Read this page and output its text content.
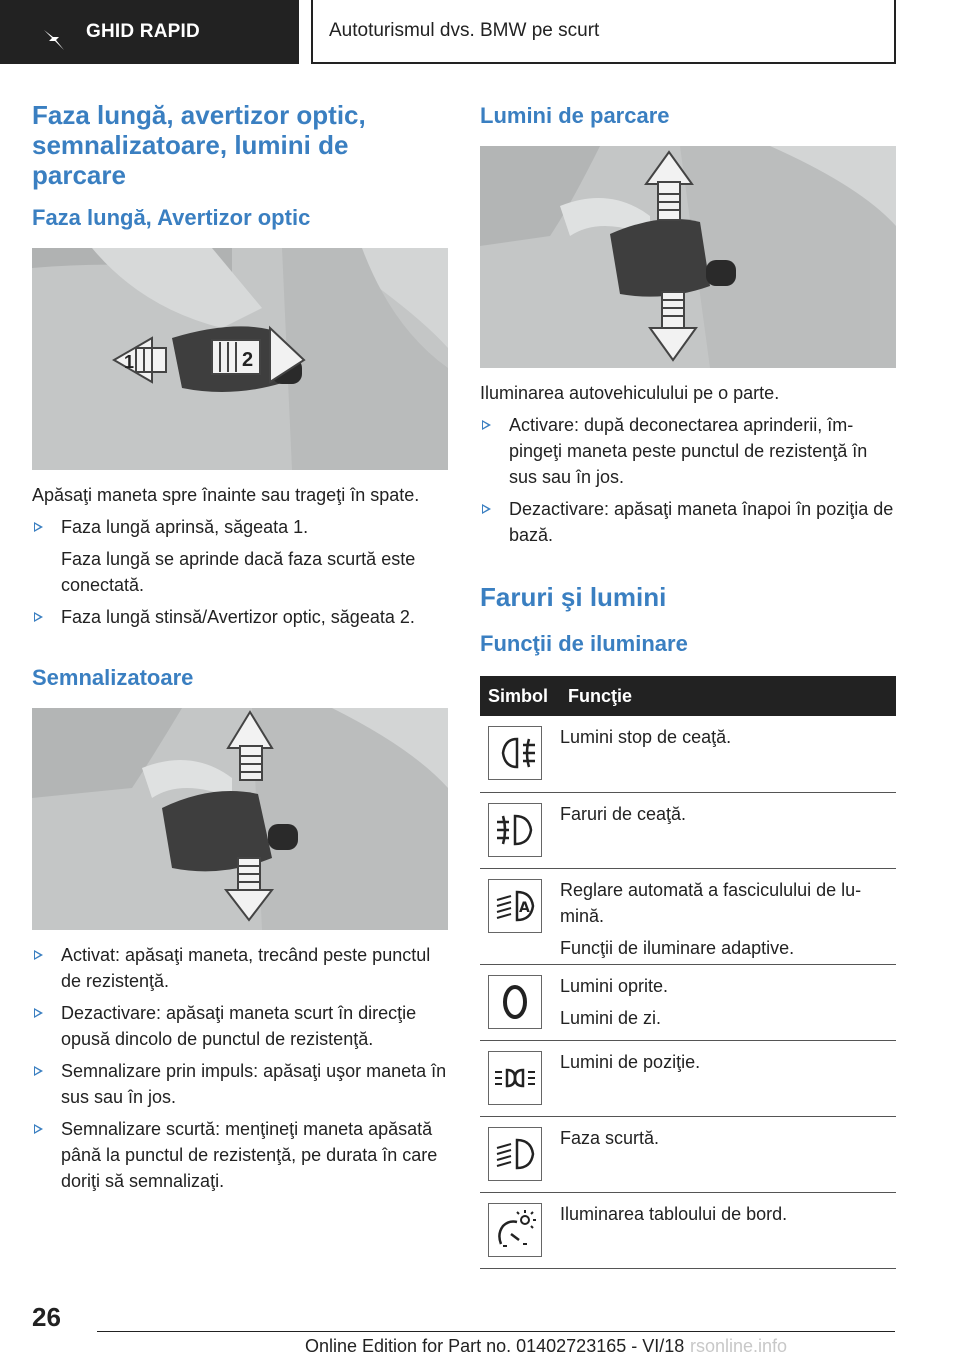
GHID RAPID	Autoturismul dvs. BMW pe scurt
Faza lungă, avertizor optic, semnalizatoare, lumini de parcare
Faza lungă, Avertizor optic
1	2

Apăsaţi maneta spre înainte sau trageţi în spate.

Faza lungă aprinsă, săgeata 1.
Faza lungă se aprinde dacă faza scurtă este conectată.
Faza lungă stinsă/Avertizor optic, săgeata 2.
Semnalizatoare
Activat: apăsaţi maneta, trecând peste punctul de rezistenţă.
Dezactivare: apăsaţi maneta scurt în direcţie opusă dincolo de punctul de rezistenţă.
Semnalizare prin impuls: apăsaţi uşor maneta în sus sau în jos.
Semnalizare scurtă: menţineţi maneta apăsată până la punctul de rezistenţă, pe durata în care doriţi să semnalizaţi.
Lumini de parcare

Iluminarea autovehiculului pe o parte.

Activare: după deconectarea aprinderii, împingeţi maneta peste punctul de rezistenţă în sus sau în jos.
Dezactivare: apăsaţi maneta înapoi în poziţia de bază.
Faruri şi lumini
Funcţii de iluminare
Simbol	Funcţie

Lumini stop de ceaţă.

Faruri de ceaţă.

A	Reglare automată a fasciculului de lumină.
Funcţii de iluminare adaptive.

Lumini oprite.
Lumini de zi.

Lumini de poziţie.

Faza scurtă.

Iluminarea tabloului de bord.
26
Online Edition for Part no. 01402723165 - VI/18 rsonline.info
